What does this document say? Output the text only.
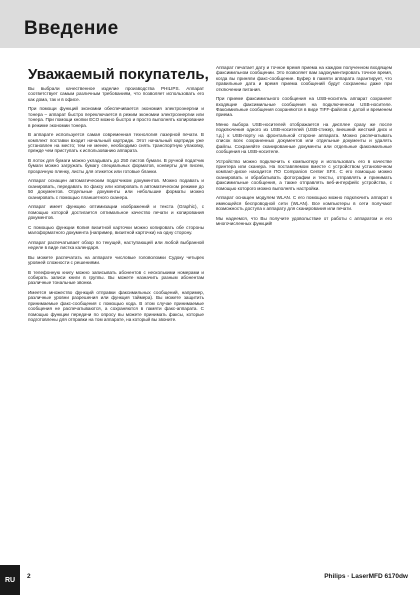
Введение
Уважаемый покупатель,

Вы выбрали качественное изделие производства PHILIPS. Аппарат соответствует самым различным требованиям, что позволяет использовать его как дома, так и в офисе.

При помощи функций экономии обеспечивается экономия электроэнергии и тонера – аппарат быстро переключается в режим экономии электроэнергии или тонера. При помощи кнопки ECO можно быстро и просто выполнять копирование в режиме экономии тонера.

В аппарате используется самая современная технология лазерной печати. В комплект поставки входит начальный картридж. Этот начальный картридж уже установлен на место; тем не менее, необходимо снять транспортную упаковку, прежде чем приступать к использованию аппарата.

В лоток для бумаги можно укладывать до 250 листов бумаги. В ручной податчик бумаги можно загружать бумагу специальных форматов, конверты для писем, прозрачную пленку, листы для этикеток или готовые бланки.

Аппарат оснащен автоматическим податчиком документов. Можно подавать и сканировать, передавать по факсу или копировать в автоматическом режиме до 50 документов. Отдельные документы или небольшие форматы можно сканировать с помощью планшетного сканера.

Аппарат имеет функцию оптимизации изображений и текста (Graphic), с помощью которой достигается оптимальное качество печати и копирования документов.

С помощью функции Копия визитной карточки можно копировать обе стороны малоформатного документа (например, визитной карточки) на одну сторону.

Аппарат распечатывает обзор по текущей, наступающей или любой выбранной неделе в виде листка календаря.

Вы можете распечатать на аппарате числовые головоломки Судоку четырех уровней сложности с решениями.

В телефонную книгу можно записывать абонентов с несколькими номерами и собирать записи книги в группы. Вы можете назначить разным абонентам различные тональные звонки.

Имеется множество функций отправки факсимильных сообщений, например, различные уровни разрешения или функция таймера). Вы можете защитить принимаемые факс-сообщения с помощью кода. В этом случае принимаемые сообщения не распечатываются, а сохраняются в памяти факс-аппарата. С помощью функции передачи по опросу вы можете принимать факсы, которые подготовлены для отправки на том аппарате, на который вы звоните.

Аппарат печатает дату и точное время приема на каждом полученном входящем факсимильном сообщении. Это позволяет вам задокументировать точное время, когда вы приняли факс-сообщение. Буфер в памяти аппарата гарантирует, что правильные дата и время приема сообщений будут сохранены даже при отключении питания.

При приеме факсимильного сообщения на USB-носитель аппарат сохраняет входящие факсимильные сообщения на подключенном USB-носителе. Факсимильные сообщения сохраняются в виде TIFF-файлов с датой и временем приема.

Меню выбора USB-носителей отображается на дисплее сразу же после подключения одного из USB-носителей (USB-стикер, внешний жесткий диск и т.д.) к USB-порту на фронтальной стороне аппарата. Можно распечатывать список всех сохраненных документов или отдельные документы и удалять файлы. Сохраняйте сканированные документы или отдельные факсимильные сообщения на USB-носителе.

Устройство можно подключить к компьютеру и использовать его в качестве принтера или сканера. На поставляемом вместе с устройством установочном компакт-диске находится ПО Companion Center SFX. С его помощью можно сканировать и обрабатывать фотографии и тексты, отправлять и принимать факсимильные сообщения, а также отправлять веб-интерфейс устройства, с помощью которого можно выполнять настройки.

Аппарат оснащен модулем WLAN. С его помощью можно подключить аппарат к имеющейся беспроводной сети (WLAN). Все компьютеры в сети получают возможность доступа к аппарату для сканирования или печати.

Мы надеемся, что Вы получите удовольствие от работы с аппаратом и его многочисленных функций!

RU	2	Philips · LaserMFD 6170dw
